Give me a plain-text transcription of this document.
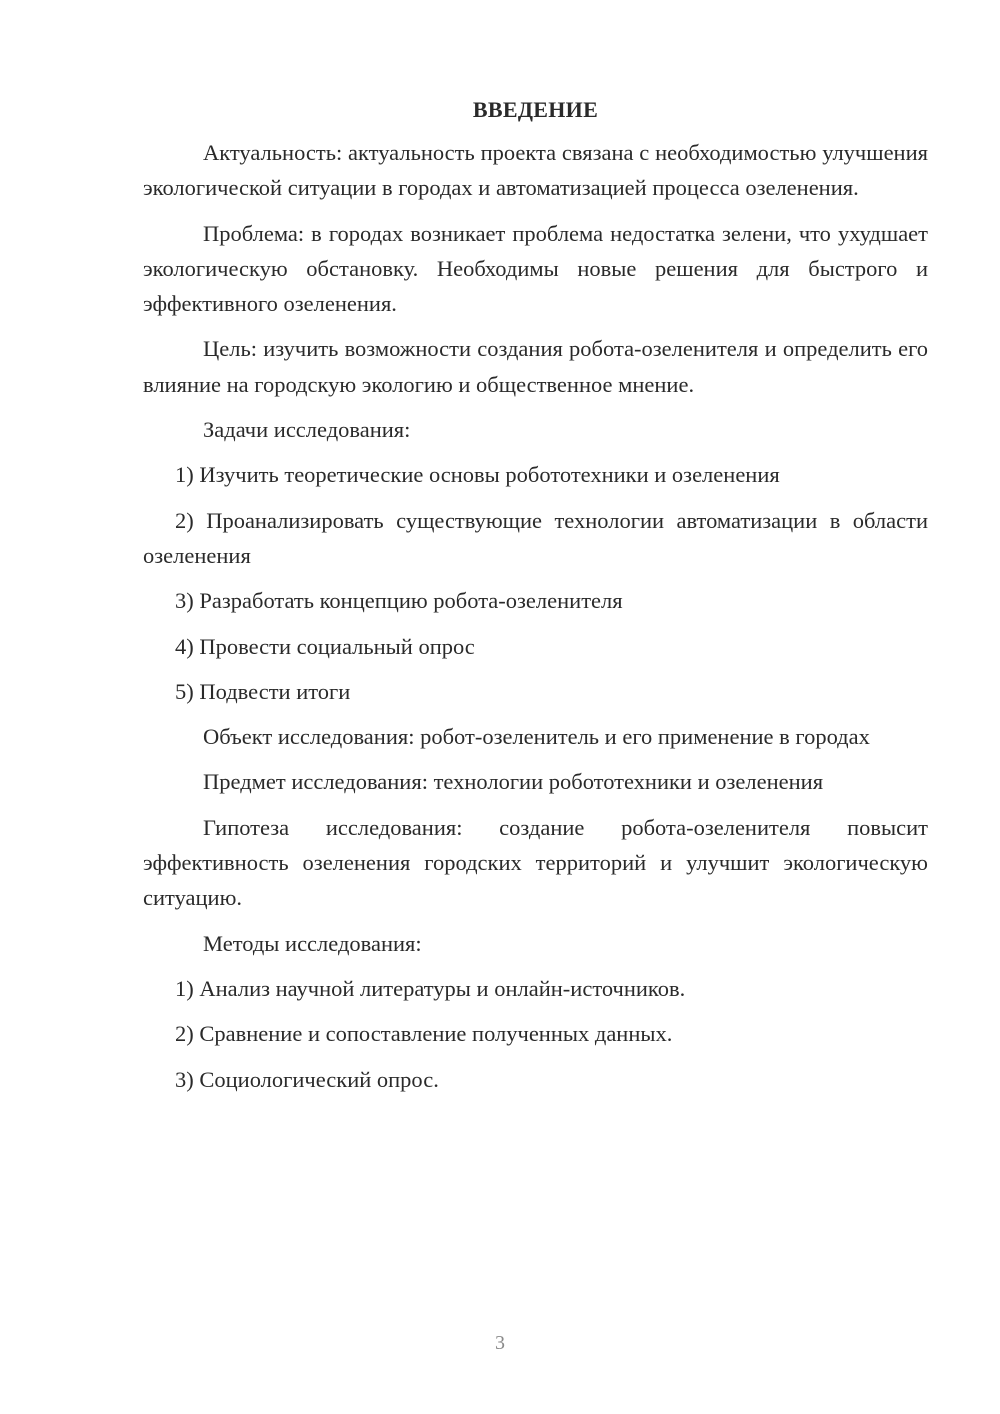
ВВЕДЕНИЕ

Актуальность: актуальность проекта связана с необходимостью улучшения экологической ситуации в городах и автоматизацией процесса озеленения.

Проблема: в городах возникает проблема недостатка зелени, что ухудшает экологическую обстановку. Необходимы новые решения для быстрого и эффективного озеленения.

Цель: изучить возможности создания робота-озеленителя и определить его влияние на городскую экологию и общественное мнение.

Задачи исследования:

1) Изучить теоретические основы робототехники и озеленения

2) Проанализировать существующие технологии автоматизации в области озеленения

3) Разработать концепцию робота-озеленителя

4) Провести социальный опрос

5) Подвести итоги

Объект исследования: робот-озеленитель и его применение в городах

Предмет исследования: технологии робототехники и озеленения

Гипотеза исследования: создание робота-озеленителя повысит эффективность озеленения городских территорий и улучшит экологическую ситуацию.

Методы исследования:

1) Анализ научной литературы и онлайн-источников.

2) Сравнение и сопоставление полученных данных.

3) Социологический опрос.

3
